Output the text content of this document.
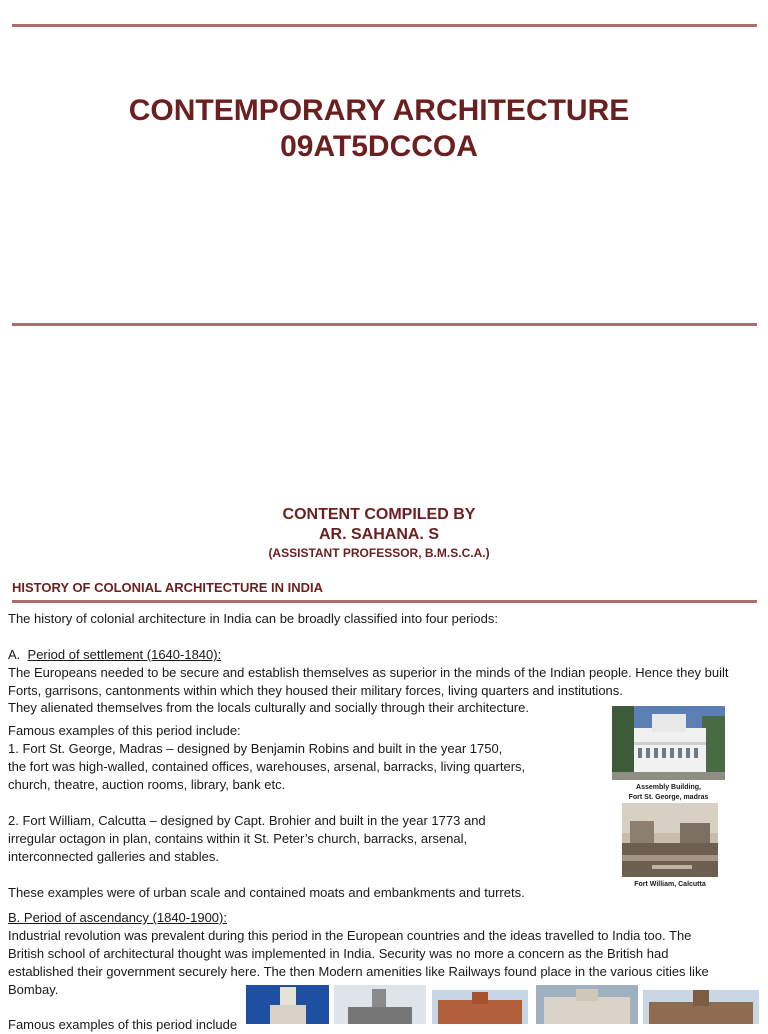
CONTEMPORARY ARCHITECTURE
09AT5DCCOA
CONTENT COMPILED BY
AR. SAHANA. S
(ASSISTANT PROFESSOR, B.M.S.C.A.)
HISTORY OF COLONIAL ARCHITECTURE IN INDIA
The history of colonial architecture in India can be broadly classified into four periods:
A. Period of settlement (1640-1840):
The Europeans needed to be secure and establish themselves as superior in the minds of the Indian people. Hence they built
Forts, garrisons, cantonments within which they housed their military forces, living quarters and institutions.
They alienated themselves from the locals culturally and socially through their architecture.
Famous examples of this period include:
1. Fort St. George, Madras – designed by Benjamin Robins and built in the year 1750,
the fort was high-walled, contained offices, warehouses, arsenal, barracks, living quarters,
church, theatre, auction rooms, library, bank etc.
2. Fort William, Calcutta – designed by Capt. Brohier and built in the year 1773 and
irregular octagon in plan, contains within it St. Peter’s church, barracks, arsenal,
interconnected galleries and stables.
These examples were of urban scale and contained moats and embankments and turrets.
B. Period of ascendancy (1840-1900):
Industrial revolution was prevalent during this period in the European countries and the ideas travelled to India too. The
British school of architectural thought was implemented in India. Security was no more a concern as the British had
established their government securely here. The then Modern amenities like Railways found place in the various cities like
Bombay.
Famous examples of this period include
Assembly Building,
Fort St. George, madras
Fort William, Calcutta
